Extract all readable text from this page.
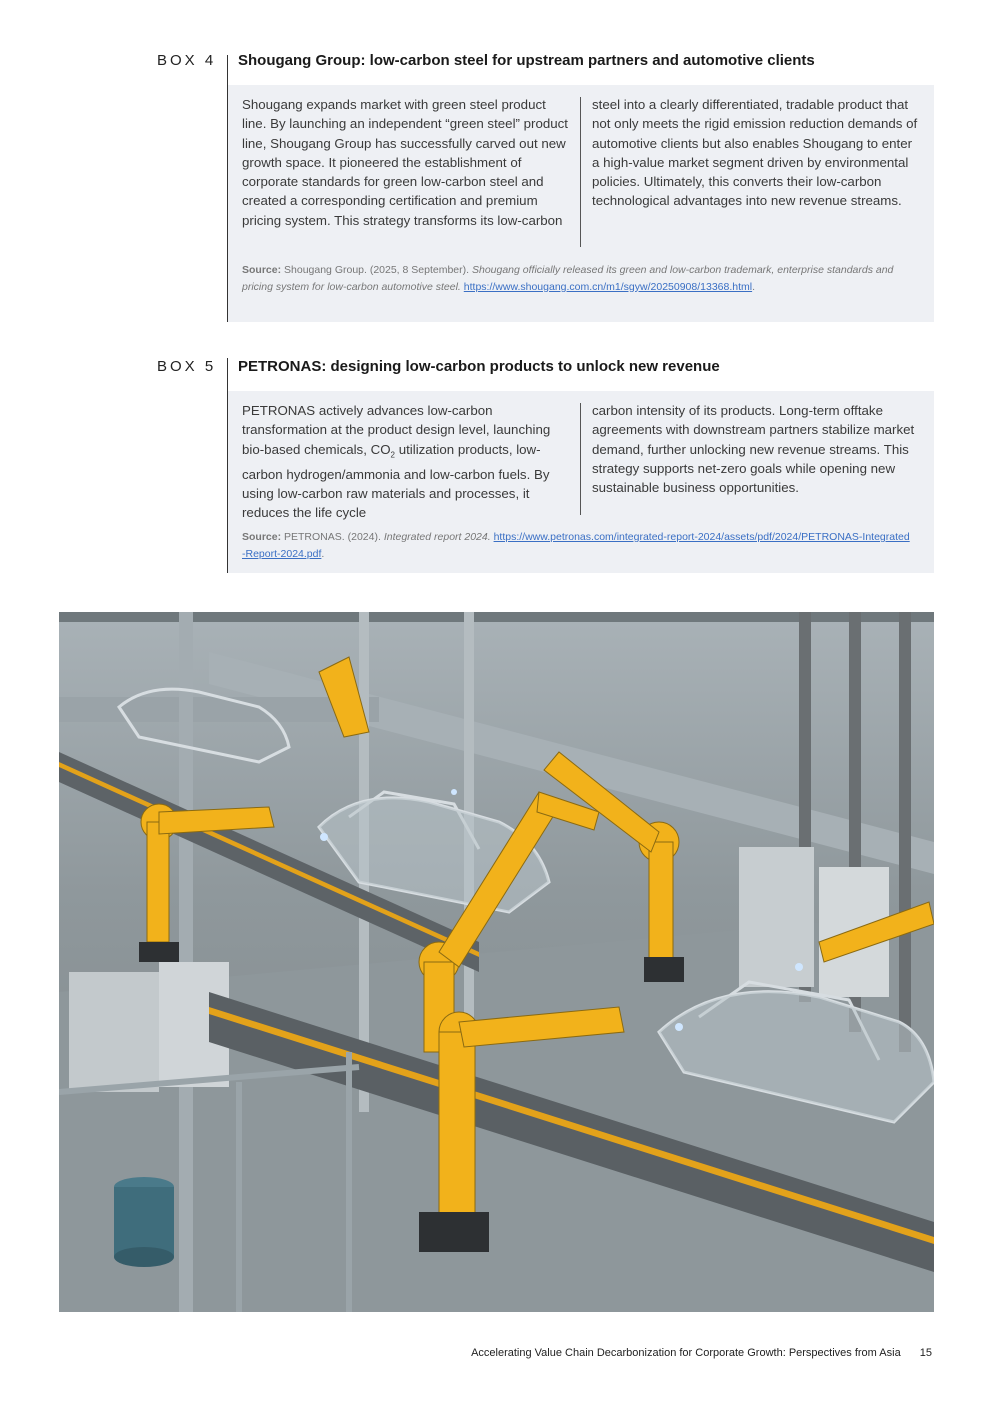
BOX 4 Shougang Group: low-carbon steel for upstream partners and automotive clients
Shougang expands market with green steel product line. By launching an independent “green steel” product line, Shougang Group has successfully carved out new growth space. It pioneered the establishment of corporate standards for green low-carbon steel and created a corresponding certification and premium pricing system. This strategy transforms its low-carbon
steel into a clearly differentiated, tradable product that not only meets the rigid emission reduction demands of automotive clients but also enables Shougang to enter a high-value market segment driven by environmental policies. Ultimately, this converts their low-carbon technological advantages into new revenue streams.
Source: Shougang Group. (2025, 8 September). Shougang officially released its green and low-carbon trademark, enterprise standards and pricing system for low-carbon automotive steel. https://www.shougang.com.cn/m1/sgyw/20250908/13368.html.
BOX 5 PETRONAS: designing low-carbon products to unlock new revenue
PETRONAS actively advances low-carbon transformation at the product design level, launching bio-based chemicals, $CO_2$ utilization products, low-carbon hydrogen/ammonia and low-carbon fuels. By using low-carbon raw materials and processes, it reduces the life cycle
carbon intensity of its products. Long-term offtake agreements with downstream partners stabilize market demand, further unlocking new revenue streams. This strategy supports net-zero goals while opening new sustainable business opportunities.
Source: PETRONAS. (2024). Integrated report 2024. https://www.petronas.com/integrated-report-2024/assets/pdf/2024/PETRONAS-Integrated-Report-2024.pdf.
Accelerating Value Chain Decarbonization for Corporate Growth: Perspectives from Asia 15
